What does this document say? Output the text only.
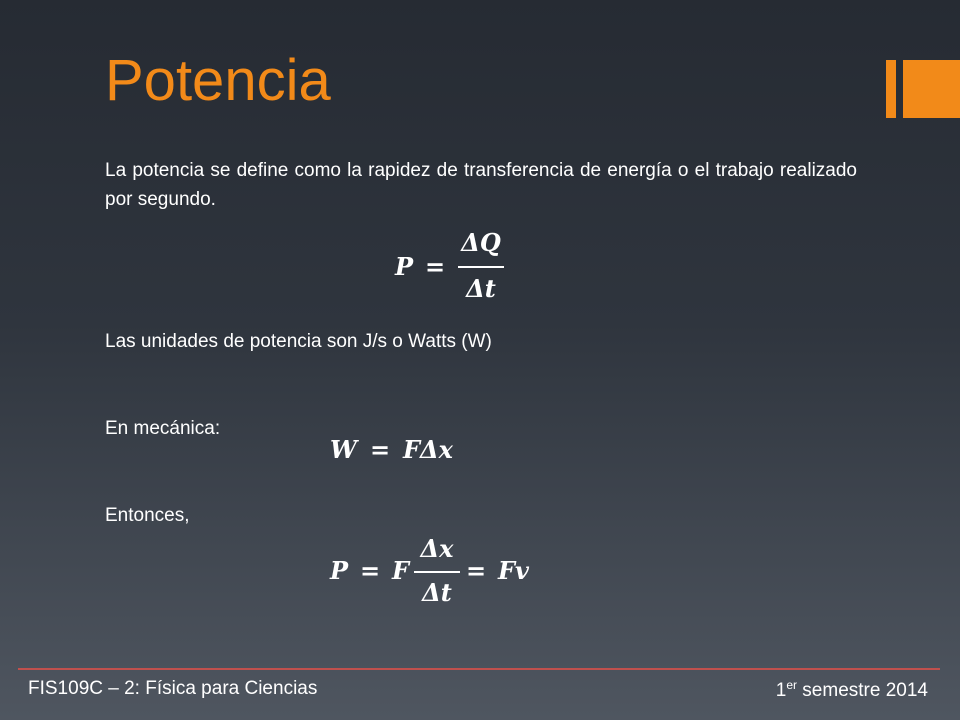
Potencia
La potencia se define como la rapidez de transferencia de energía o el trabajo realizado por segundo.
P =
ΔQ
Δt
Las unidades de potencia son J/s o Watts (W)
En mecánica:
W = FΔx
Entonces,
P = F
Δx
Δt
= Fv
FIS109C – 2: Física para Ciencias	1er semestre 2014
